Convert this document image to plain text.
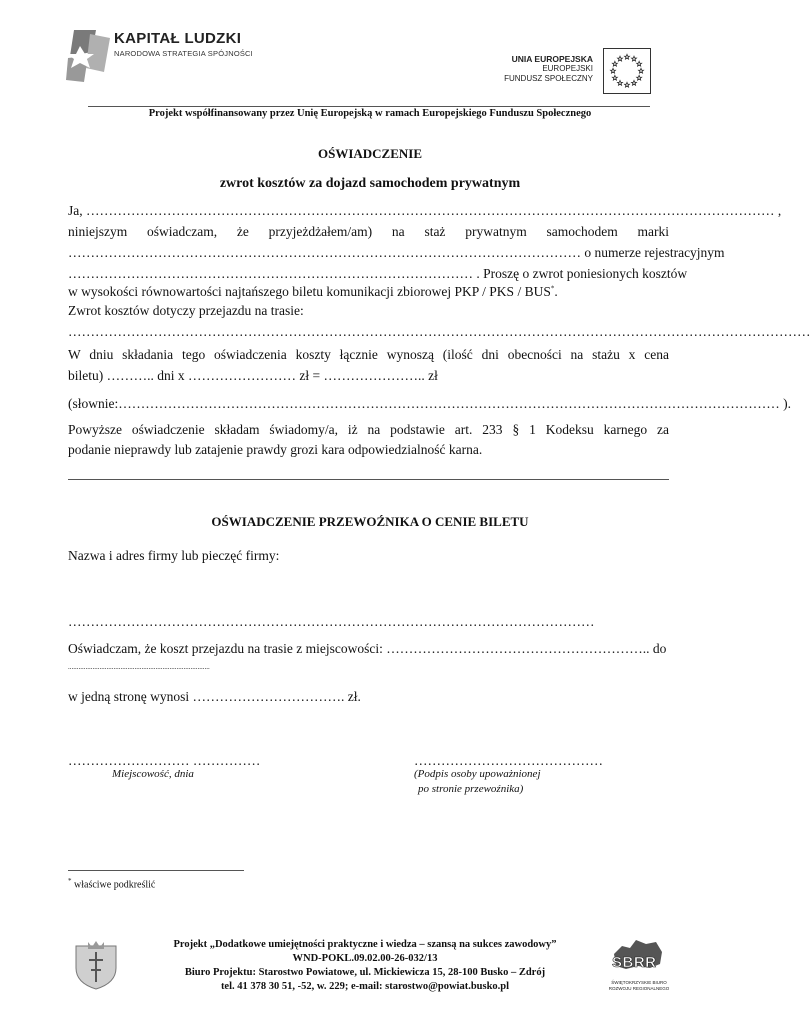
KAPITAŁ LUDZKI
NARODOWA STRATEGIA SPÓJNOŚCI
UNIA EUROPEJSKA
EUROPEJSKI
FUNDUSZ SPOŁECZNY
Projekt współfinansowany przez Unię Europejską w ramach Europejskiego Funduszu Społecznego
OŚWIADCZENIE
zwrot kosztów za dojazd samochodem prywatnym
Ja, ……………………………………………………………………………………………………………………………………… ,
niniejszym oświadczam, że przyjeżdżałem/am) na staż prywatnym samochodem marki
…………………………………………………………………………………………………… o numerze rejestracyjnym
……………………………………………………………………………… . Proszę o zwrot poniesionych kosztów
w wysokości równowartości najtańszego biletu komunikacji zbiorowej PKP / PKS / BUS*.
Zwrot kosztów dotyczy przejazdu na trasie:
…………………………………………………………………………………………………………………………………………………
W dniu składania tego oświadczenia koszty łącznie wynoszą (ilość dni obecności na stażu x cena
biletu) ……….. dni x …………………… zł = ………………….. zł
(słownie:………………………………………………………………………………………………………………………………… ).
Powyższe oświadczenie składam świadomy/a, iż na podstawie art. 233 § 1 Kodeksu karnego za
podanie nieprawdy lub zatajenie prawdy grozi kara odpowiedzialność karna.
OŚWIADCZENIE PRZEWOŹNIKA O CENIE BILETU
Nazwa i adres firmy lub pieczęć firmy:
………………………………………………………………………………………………………
Oświadczam, że koszt przejazdu na trasie z miejscowości: ………………………………………………….. do
.................................................................................
w jedną stronę wynosi ……………………………. zł.
……………………… ……………
Miejscowość, dnia
……………………………………
(Podpis osoby upoważnionej
po stronie przewoźnika)
* właściwe podkreślić
Projekt „Dodatkowe umiejętności praktyczne i wiedza – szansą na sukces zawodowy”
WND-POKL.09.02.00-26-032/13
Biuro Projektu: Starostwo Powiatowe, ul. Mickiewicza 15, 28-100 Busko – Zdrój
tel. 41 378 30 51, -52, w. 229; e-mail: starostwo@powiat.busko.pl
SBRR
ŚWIĘTOKRZYSKIE BIURO
ROZWOJU REGIONALNEGO
